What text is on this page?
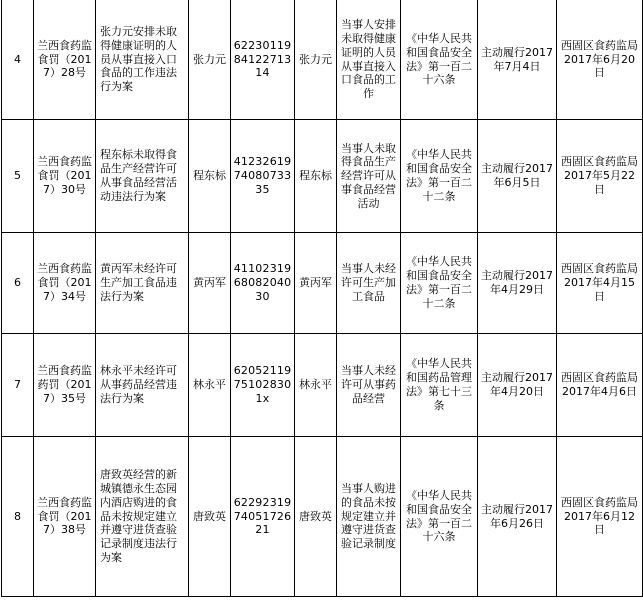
4	兰西食药监食罚（2017）28号	张力元安排未取得健康证明的人员从事直接入口食品的工作违法行为案	张力元	622301198412271314	张力元	当事人安排未取得健康证明的人员从事直接入口食品的工作	《中华人民共和国食品安全法》第一百二十六条	主动履行2017年7月4日	西固区食药监局2017年6月20日
5	兰西食药监食罚（2017）30号	程东标未取得食品生产经营许可从事食品经营活动违法行为案	程东标	412326197408073335	程东标	当事人未取得食品生产经营许可从事食品经营活动	《中华人民共和国食品安全法》第一百二十二条	主动履行2017年6月5日	西固区食药监局2017年5月22日
6	兰西食药监食罚（2017）34号	黄丙军未经许可生产加工食品违法行为案	黄丙军	411023196808204030	黄丙军	当事人未经许可生产加工食品	《中华人民共和国食品安全法》第一百二十二条	主动履行2017年4月29日	西固区食药监局2017年4月15日
7	兰西食药监药罚（2017）35号	林永平未经许可从事药品经营违法行为案	林永平	62052119751028301x	林永平	当事人未经许可从事药品经营	《中华人民共和国药品管理法》第七十三条	主动履行2017年4月20日	西固区食药监局2017年4月6日
8	兰西食药监食罚（2017）38号	唐致英经营的新城镇德永生态园内酒店购进的食品未按规定建立并遵守进货查验记录制度违法行为案	唐致英	622923197405172621	唐致英	当事人购进的食品未按规定建立并遵守进货查验记录制度	《中华人民共和国食品安全法》第一百二十六条	主动履行2017年6月26日	西固区食药监局2017年6月12日
